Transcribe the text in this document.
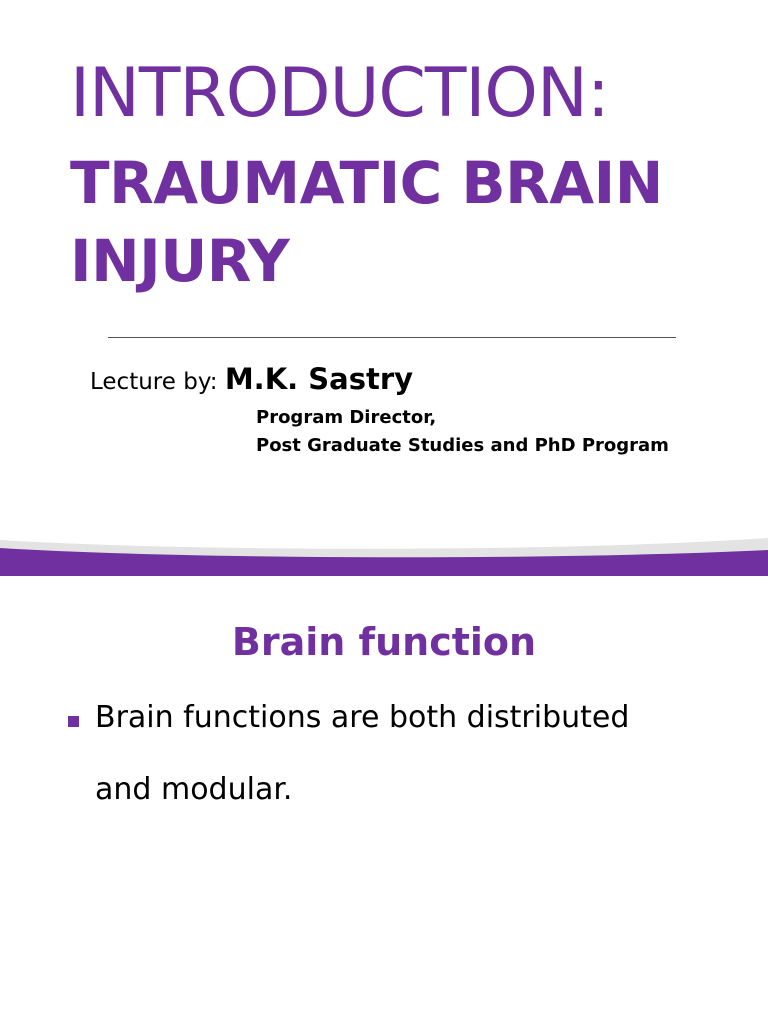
INTRODUCTION:
TRAUMATIC BRAIN INJURY
Lecture by: M.K. Sastry
Program Director,
Post Graduate Studies and PhD Program
Brain function
Brain functions are both distributed and modular.
